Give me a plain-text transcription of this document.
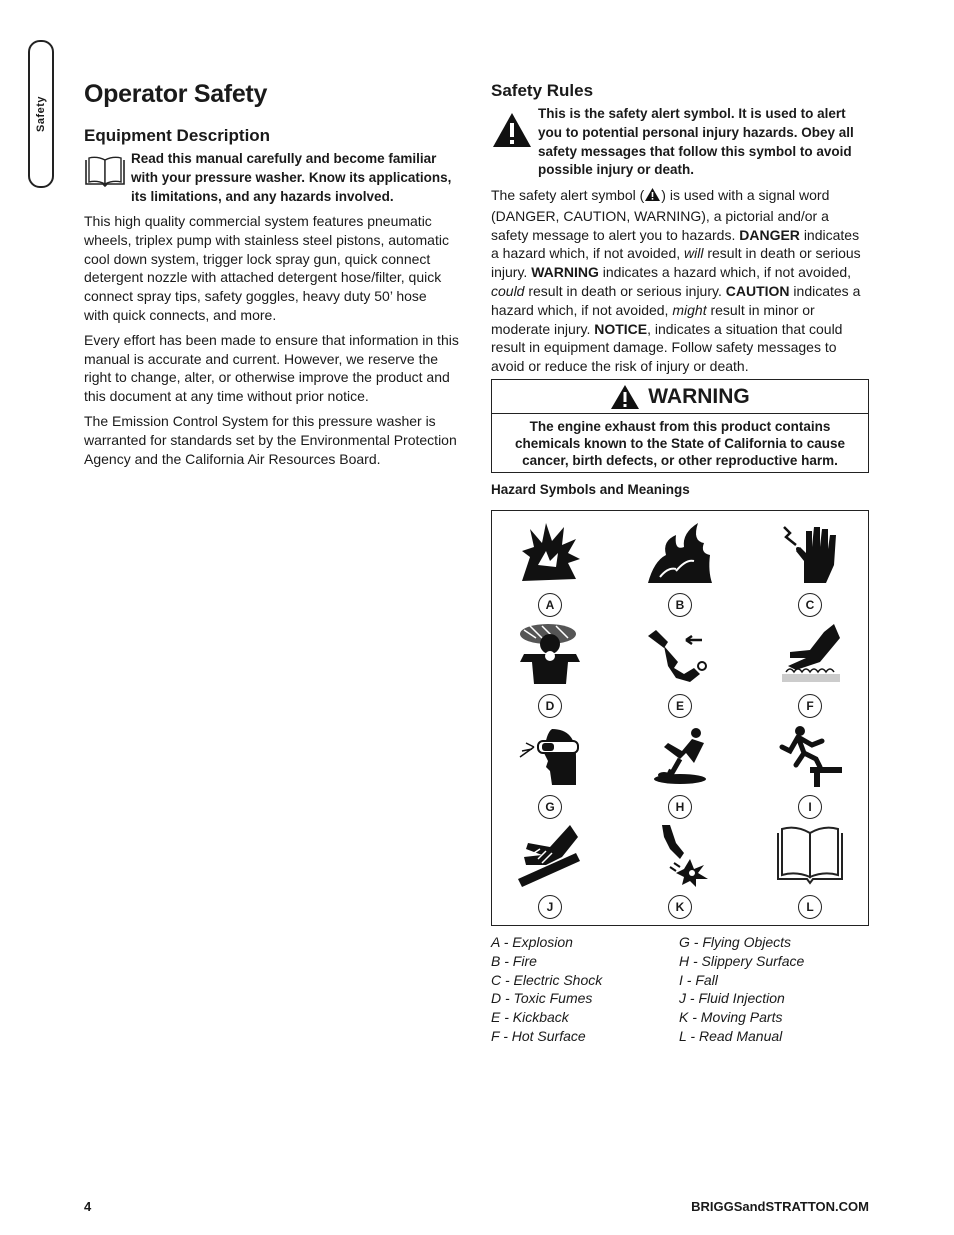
Safety
Operator Safety
Equipment Description
Read this manual carefully and become familiar with your pressure washer. Know its applications, its limitations, and any hazards involved.

This high quality commercial system features pneumatic wheels, triplex pump with stainless steel pistons, automatic cool down system, trigger lock spray gun, quick connect detergent nozzle with attached detergent hose/filter, quick connect spray tips, safety goggles, heavy duty 50’ hose with quick connects, and more.

Every effort has been made to ensure that information in this manual is accurate and current. However, we reserve the right to change, alter, or otherwise improve the product and this document at any time without prior notice.

The Emission Control System for this pressure washer is warranted for standards set by the Environmental Protection Agency and the California Air Resources Board.

Safety Rules
This is the safety alert symbol. It is used to alert you to potential personal injury hazards. Obey all safety messages that follow this symbol to avoid possible injury or death.
The safety alert symbol ( ) is used with a signal word (DANGER, CAUTION, WARNING), a pictorial and/or a safety message to alert you to hazards. DANGER indicates a hazard which, if not avoided, will result in death or serious injury. WARNING indicates a hazard which, if not avoided, could result in death or serious injury. CAUTION indicates a hazard which, if not avoided, might result in minor or moderate injury. NOTICE, indicates a situation that could result in equipment damage. Follow safety messages to avoid or reduce the risk of injury or death.
WARNING
The engine exhaust from this product contains chemicals known to the State of California to cause cancer, birth defects, or other reproductive harm.
Hazard Symbols and Meanings
A	B	C
D	E	F
G	H	I
J	K	L
A - Explosion
B - Fire
C - Electric Shock
D - Toxic Fumes
E - Kickback
F - Hot Surface
G - Flying Objects
H - Slippery Surface
I - Fall
J - Fluid Injection
K - Moving Parts
L - Read Manual
4	BRIGGSandSTRATTON.COM
